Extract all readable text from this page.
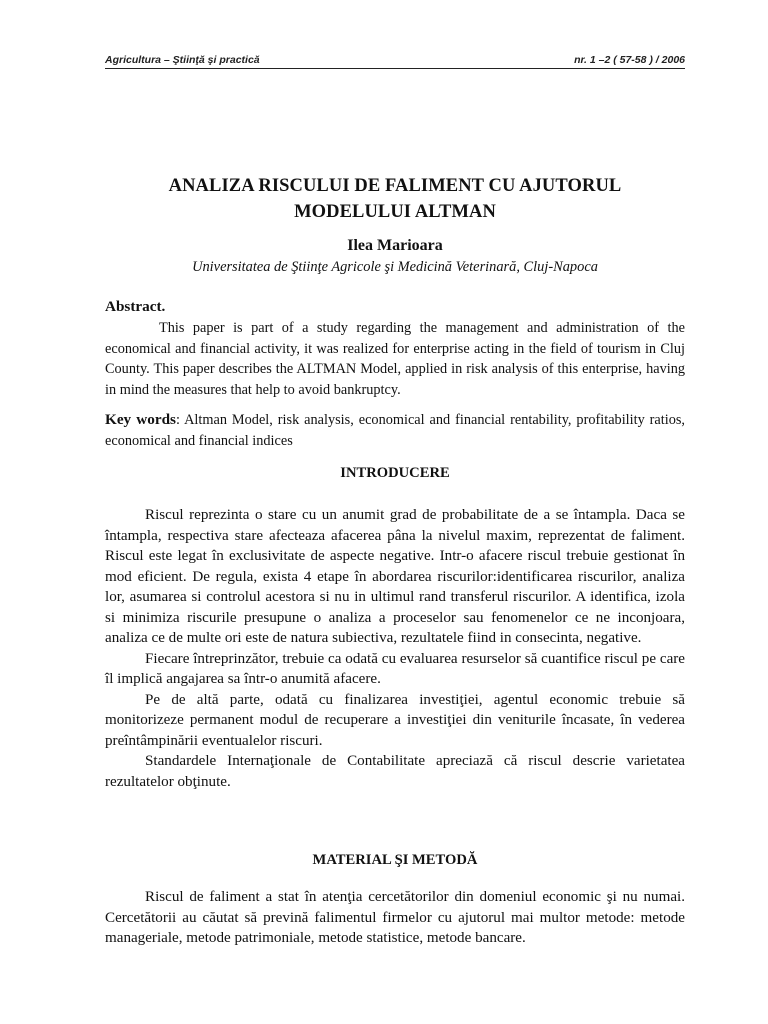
Agricultura – Ştiinţă şi practică	nr. 1 –2 ( 57-58 ) / 2006
ANALIZA RISCULUI DE FALIMENT CU AJUTORUL
MODELULUI ALTMAN
Ilea Marioara
Universitatea de Ştiinţe Agricole şi Medicină Veterinară, Cluj-Napoca
Abstract.

This paper is part of a study regarding the management and administration of the economical and financial activity, it was realized for enterprise acting in the field of tourism in Cluj County. This paper describes the ALTMAN Model, applied in risk analysis of this enterprise, having in mind the measures that help to avoid bankruptcy.

Key words: Altman Model, risk analysis, economical and financial rentability, profitability ratios, economical and financial indices

INTRODUCERE

Riscul reprezinta o stare cu un anumit grad de probabilitate de a se întampla. Daca se întampla, respectiva stare afecteaza afacerea pâna la nivelul maxim, reprezentat de faliment. Riscul este legat în exclusivitate de aspecte negative. Intr-o afacere riscul trebuie gestionat în mod eficient. De regula, exista 4 etape în abordarea riscurilor:identificarea riscurilor, analiza lor, asumarea si controlul acestora si nu in ultimul rand transferul riscurilor. A identifica, izola si minimiza riscurile presupune o analiza a proceselor sau fenomenelor ce ne inconjoara, analiza ce de multe ori este de natura subiectiva, rezultatele fiind in consecinta, negative.

Fiecare întreprinzător, trebuie ca odată cu evaluarea resurselor să cuantifice riscul pe care îl implică angajarea sa într-o anumită afacere.

Pe de altă parte, odată cu finalizarea investiţiei, agentul economic trebuie să monitorizeze permanent modul de recuperare a investiţiei din veniturile încasate, în vederea preîntâmpinării eventualelor riscuri.

Standardele Internaţionale de Contabilitate apreciază că riscul descrie varietatea rezultatelor obţinute.

MATERIAL ŞI METODĂ

Riscul de faliment a stat în atenţia cercetătorilor din domeniul economic şi nu numai. Cercetătorii au căutat să prevină falimentul firmelor cu ajutorul mai multor metode: metode manageriale, metode patrimoniale, metode statistice, metode bancare.
